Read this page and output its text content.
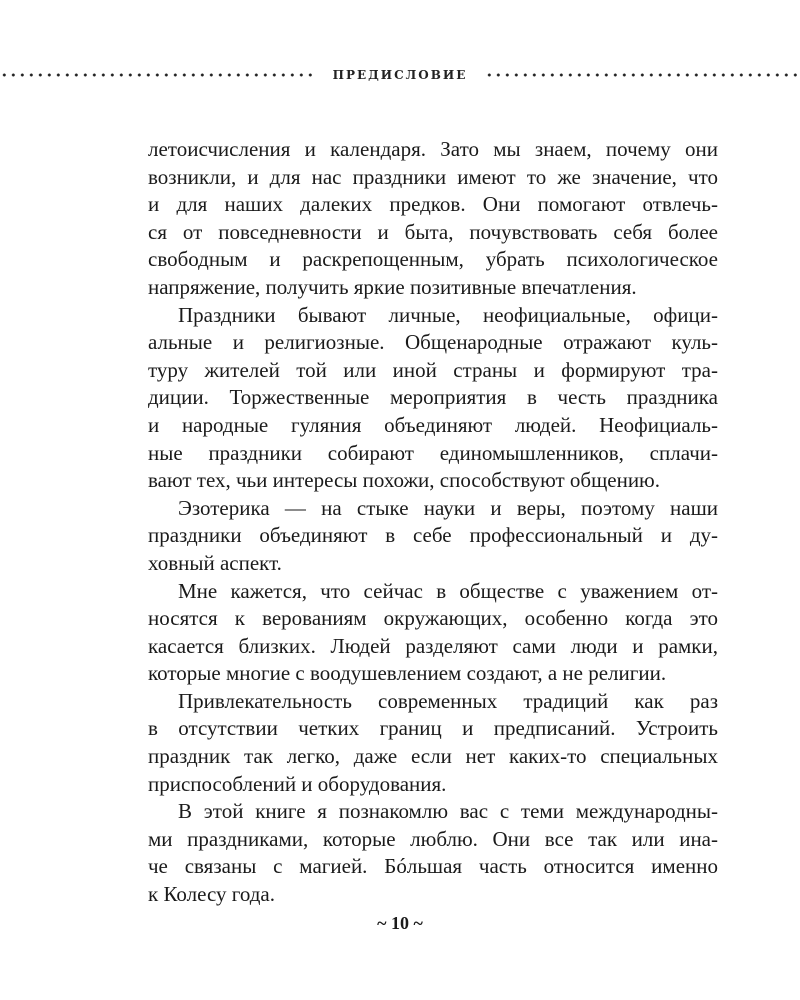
ПРЕДИСЛОВИЕ
летоисчисления и календаря. Зато мы знаем, почему они
возникли, и для нас праздники имеют то же значение, что
и для наших далеких предков. Они помогают отвлечь-
ся от повседневности и быта, почувствовать себя более
свободным и раскрепощенным, убрать психологическое
напряжение, получить яркие позитивные впечатления.
Праздники бывают личные, неофициальные, офици-
альные и религиозные. Общенародные отражают куль-
туру жителей той или иной страны и формируют тра-
диции. Торжественные мероприятия в честь праздника
и народные гуляния объединяют людей. Неофициаль-
ные праздники собирают единомышленников, сплачи-
вают тех, чьи интересы похожи, способствуют общению.
Эзотерика — на стыке науки и веры, поэтому наши
праздники объединяют в себе профессиональный и ду-
ховный аспект.
Мне кажется, что сейчас в обществе с уважением от-
носятся к верованиям окружающих, особенно когда это
касается близких. Людей разделяют сами люди и рамки,
которые многие с воодушевлением создают, а не религии.
Привлекательность современных традиций как раз
в отсутствии четких границ и предписаний. Устроить
праздник так легко, даже если нет каких-то специальных
приспособлений и оборудования.
В этой книге я познакомлю вас с теми международны-
ми праздниками, которые люблю. Они все так или ина-
че связаны с магией. Бóльшая часть относится именно
к Колесу года.
~ 10 ~
